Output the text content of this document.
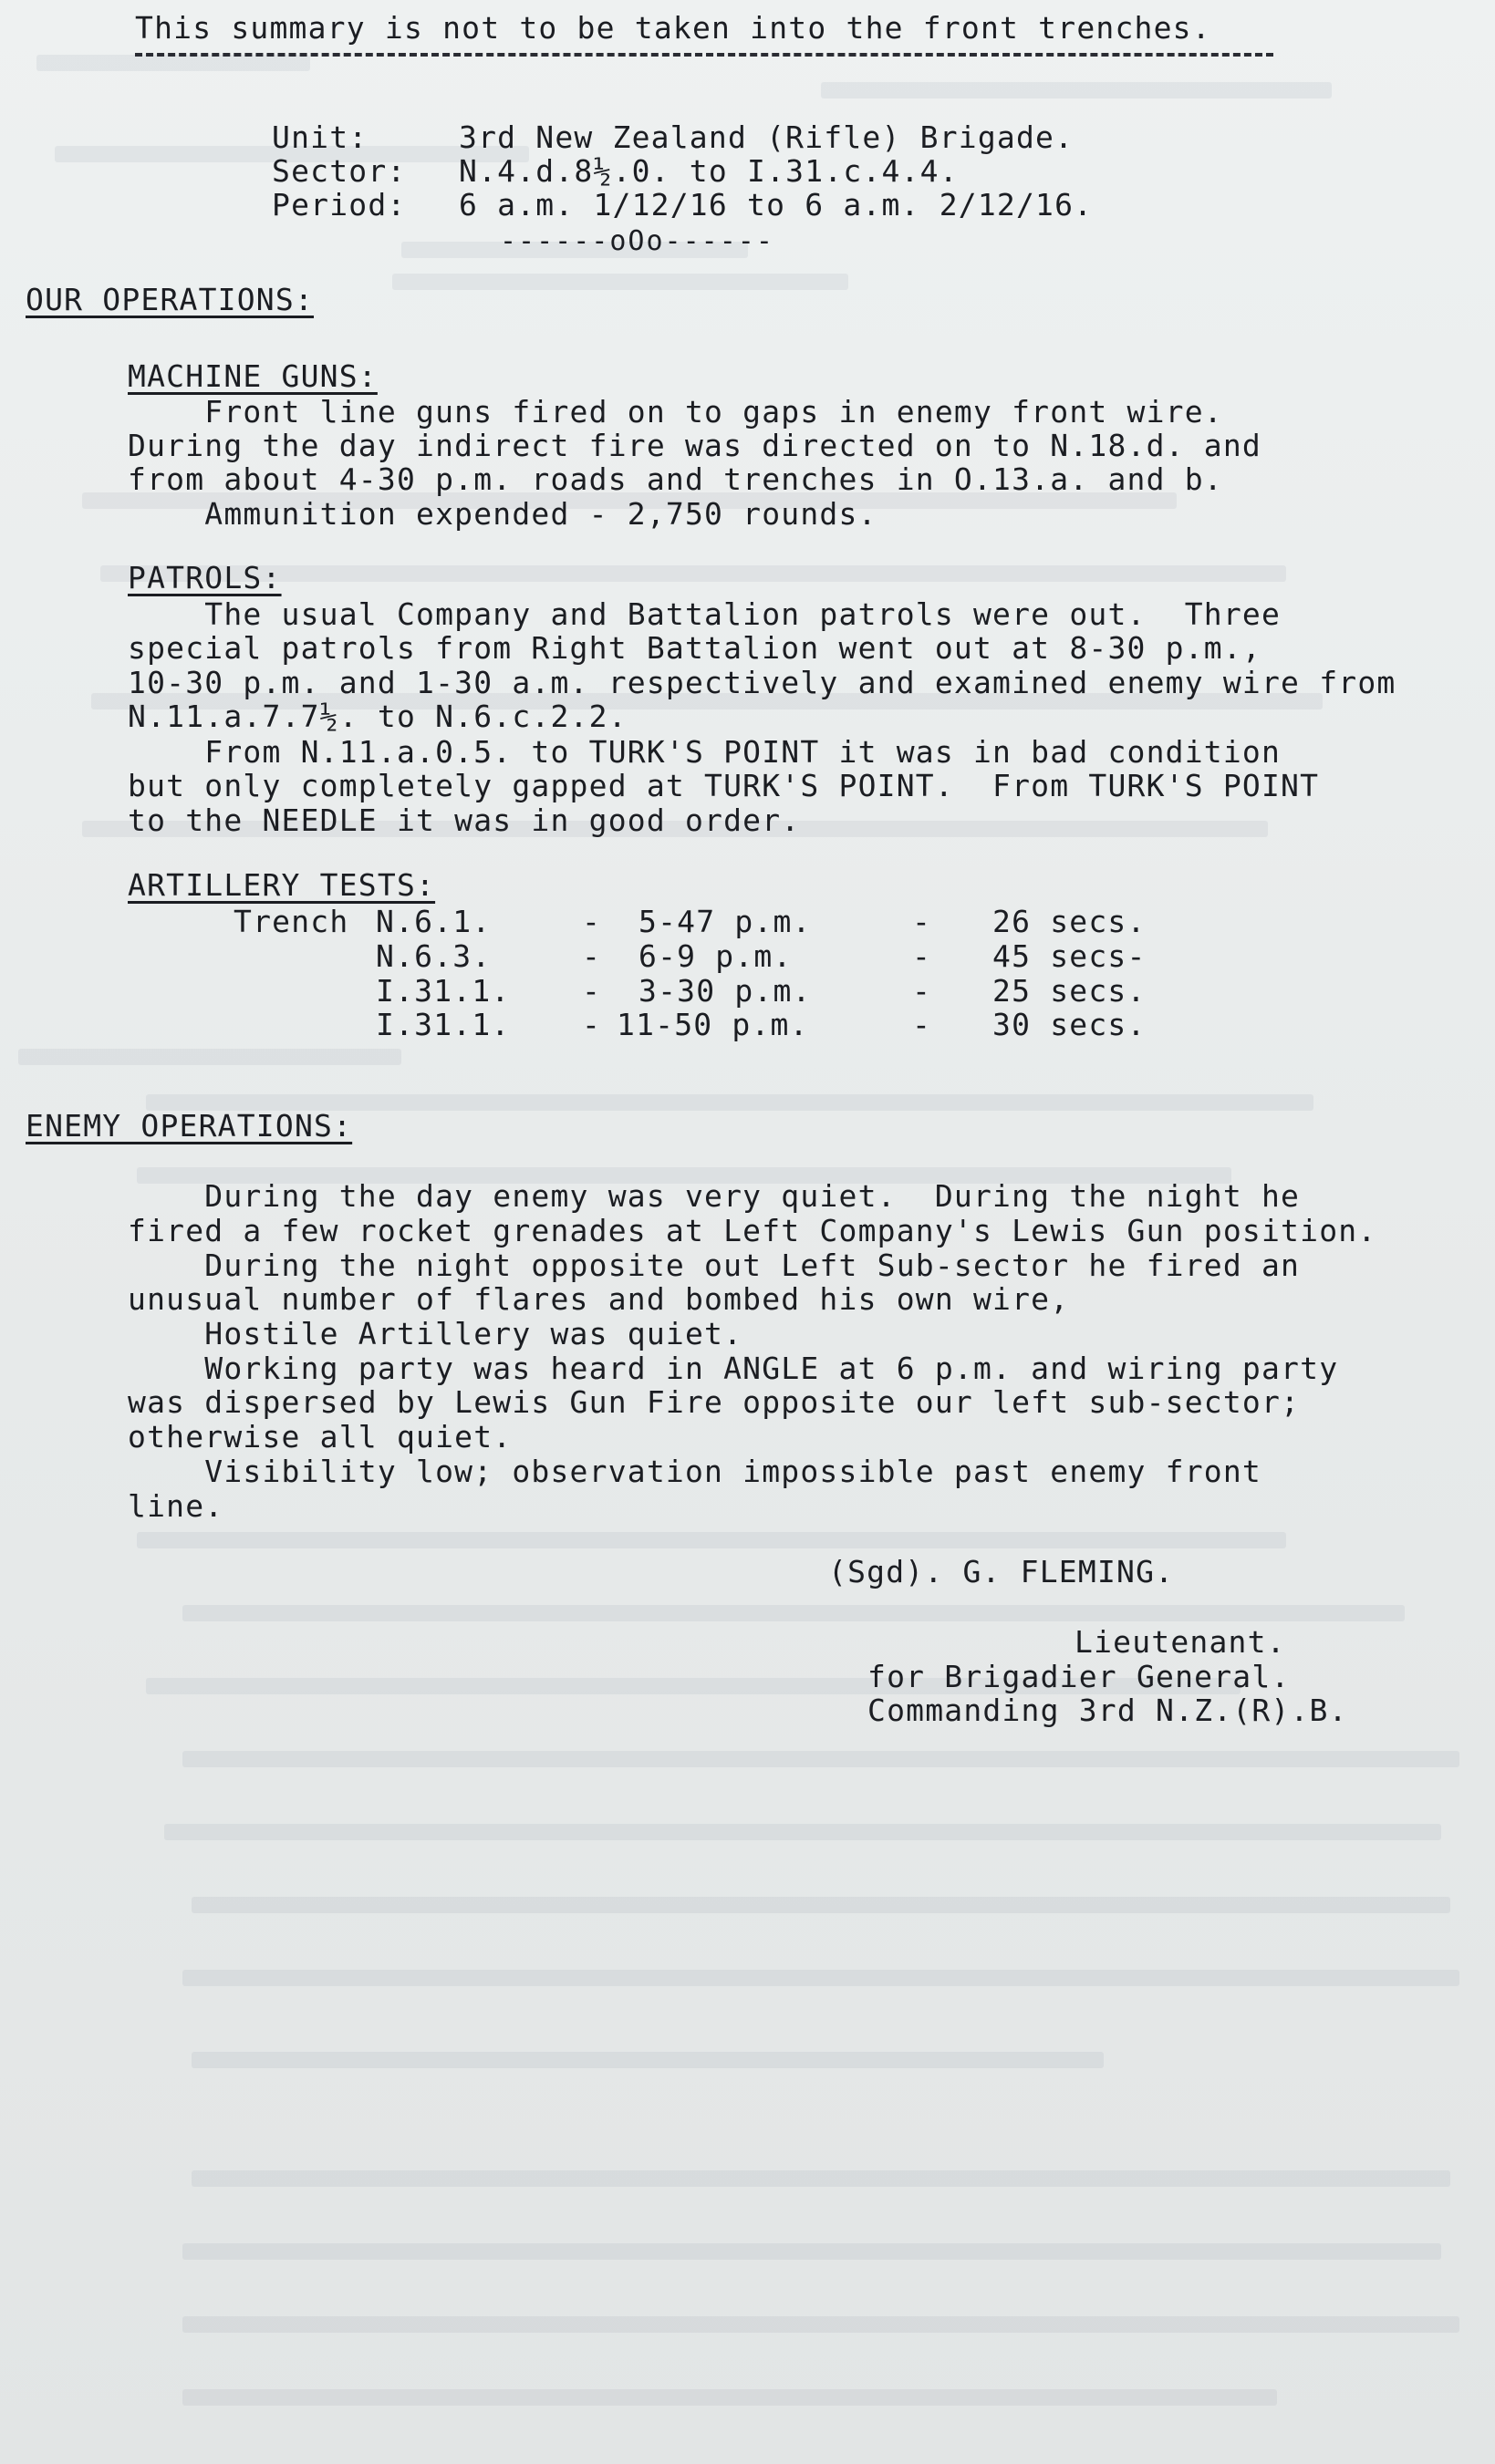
This summary is not to be taken into the front trenches.
Unit:	3rd New Zealand (Rifle) Brigade.
Sector: N.4.d.8½.0. to I.31.c.4.4.
Period: 6 a.m. 1/12/16 to 6 a.m. 2/12/16.
------oOo------
OUR OPERATIONS:
MACHINE GUNS:
Front line guns fired on to gaps in enemy front wire.
During the day indirect fire was directed on to N.18.d. and
from about 4-30 p.m. roads and trenches in O.13.a. and b.
Ammunition expended - 2,750 rounds.
PATROLS:
The usual Company and Battalion patrols were out.  Three
special patrols from Right Battalion went out at 8-30 p.m.,
10-30 p.m. and 1-30 a.m. respectively and examined enemy wire from
N.11.a.7.7½. to N.6.c.2.2.
From N.11.a.0.5. to TURK'S POINT it was in bad condition
but only completely gapped at TURK'S POINT.  From TURK'S POINT
to the NEEDLE it was in good order.
ARTILLERY TESTS:
Trench N.6.1.	- 5-47 p.m.	- 26 secs.
N.6.3.	- 6-9 p.m.	- 45 secs-
I.31.1. - 3-30 p.m.	- 25 secs.
I.31.1. - 11-50 p.m.	- 30 secs.
ENEMY OPERATIONS:
During the day enemy was very quiet.  During the night he
fired a few rocket grenades at Left Company's Lewis Gun position.
During the night opposite out Left Sub-sector he fired an
unusual number of flares and bombed his own wire,
Hostile Artillery was quiet.
Working party was heard in ANGLE at 6 p.m. and wiring party
was dispersed by Lewis Gun Fire opposite our left sub-sector;
otherwise all quiet.
Visibility low; observation impossible past enemy front
line.
(Sgd). G. FLEMING.
Lieutenant.
for Brigadier General.
Commanding 3rd N.Z.(R).B.
